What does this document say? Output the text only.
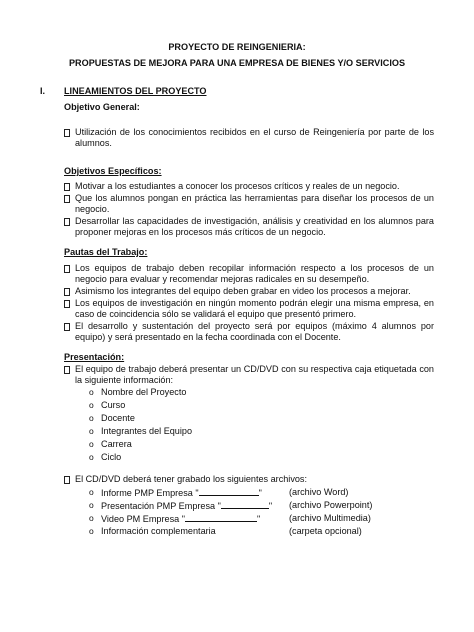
PROYECTO DE REINGENIERIA:
PROPUESTAS DE MEJORA PARA UNA EMPRESA DE BIENES Y/O SERVICIOS
I. LINEAMIENTOS DEL PROYECTO
Objetivo General:
Utilización de los conocimientos recibidos en el curso de Reingeniería por parte de los alumnos.
Objetivos Específicos:
Motivar a los estudiantes a conocer los procesos críticos y reales de un negocio.
Que los alumnos pongan en práctica las herramientas para diseñar los procesos de un negocio.
Desarrollar las capacidades de investigación, análisis y creatividad en los alumnos para proponer mejoras en los procesos más críticos de un negocio.
Pautas del Trabajo:
Los equipos de trabajo deben recopilar información respecto a los procesos de un negocio para evaluar y recomendar mejoras radicales en su desempeño.
Asimismo los integrantes del equipo deben grabar en video los procesos a mejorar.
Los equipos de investigación en ningún momento podrán elegir una misma empresa, en caso de coincidencia sólo se validará el equipo que presentó primero.
El desarrollo y sustentación del proyecto será por equipos (máximo 4 alumnos por equipo) y será presentado en la fecha coordinada con el Docente.
Presentación:
El equipo de trabajo deberá presentar un CD/DVD con su respectiva caja etiquetada con la siguiente información:
o Nombre del Proyecto
o Curso
o Docente
o Integrantes del Equipo
o Carrera
o Ciclo
El CD/DVD deberá tener grabado los siguientes archivos:
o Informe PMP Empresa "	"	(archivo Word)
o Presentación PMP Empresa "	" (archivo Powerpoint)
o Video PM Empresa "	"	(archivo Multimedia)
o Información complementaria	(carpeta opcional)
